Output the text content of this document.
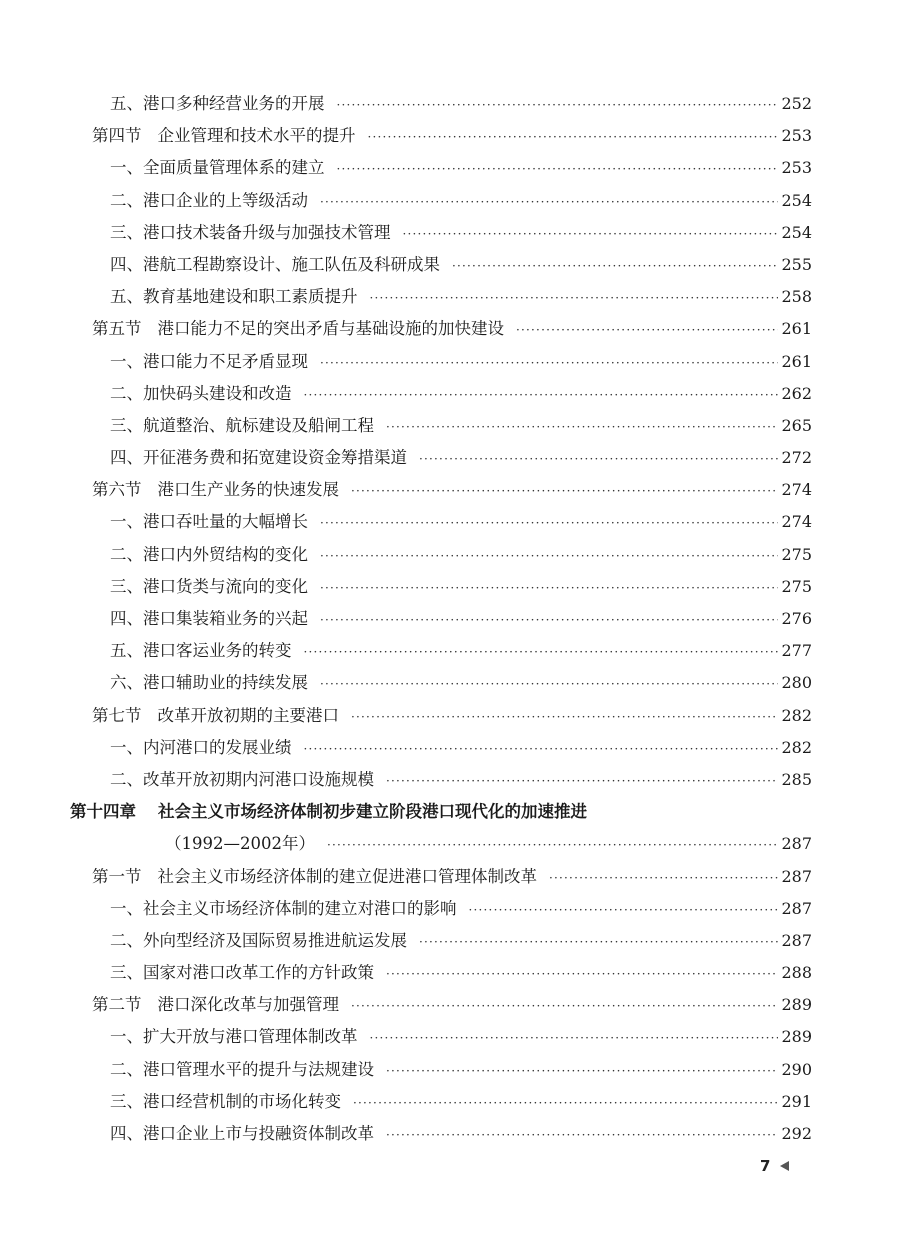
五、港口多种经营业务的开展 ·····	252
第四节 企业管理和技术水平的提升 ·····	253
一、全面质量管理体系的建立 ·····	253
二、港口企业的上等级活动 ·····	254
三、港口技术装备升级与加强技术管理 ·····	254
四、港航工程勘察设计、施工队伍及科研成果 ·····	255
五、教育基地建设和职工素质提升 ·····	258
第五节 港口能力不足的突出矛盾与基础设施的加快建设 ·····	261
一、港口能力不足矛盾显现 ·····	261
二、加快码头建设和改造 ·····	262
三、航道整治、航标建设及船闸工程 ·····	265
四、开征港务费和拓宽建设资金筹措渠道 ·····	272
第六节 港口生产业务的快速发展 ·····	274
一、港口吞吐量的大幅增长 ·····	274
二、港口内外贸结构的变化 ·····	275
三、港口货类与流向的变化 ·····	275
四、港口集装箱业务的兴起 ·····	276
五、港口客运业务的转变 ·····	277
六、港口辅助业的持续发展 ·····	280
第七节 改革开放初期的主要港口 ·····	282
一、内河港口的发展业绩 ·····	282
二、改革开放初期内河港口设施规模 ·····	285
第十四章 社会主义市场经济体制初步建立阶段港口现代化的加速推进
（1992—2002年） ·····	287
第一节 社会主义市场经济体制的建立促进港口管理体制改革 ·····	287
一、社会主义市场经济体制的建立对港口的影响 ·····	287
二、外向型经济及国际贸易推进航运发展 ·····	287
三、国家对港口改革工作的方针政策 ·····	288
第二节 港口深化改革与加强管理 ·····	289
一、扩大开放与港口管理体制改革 ·····	289
二、港口管理水平的提升与法规建设 ·····	290
三、港口经营机制的市场化转变 ·····	291
四、港口企业上市与投融资体制改革 ·····	292
7
